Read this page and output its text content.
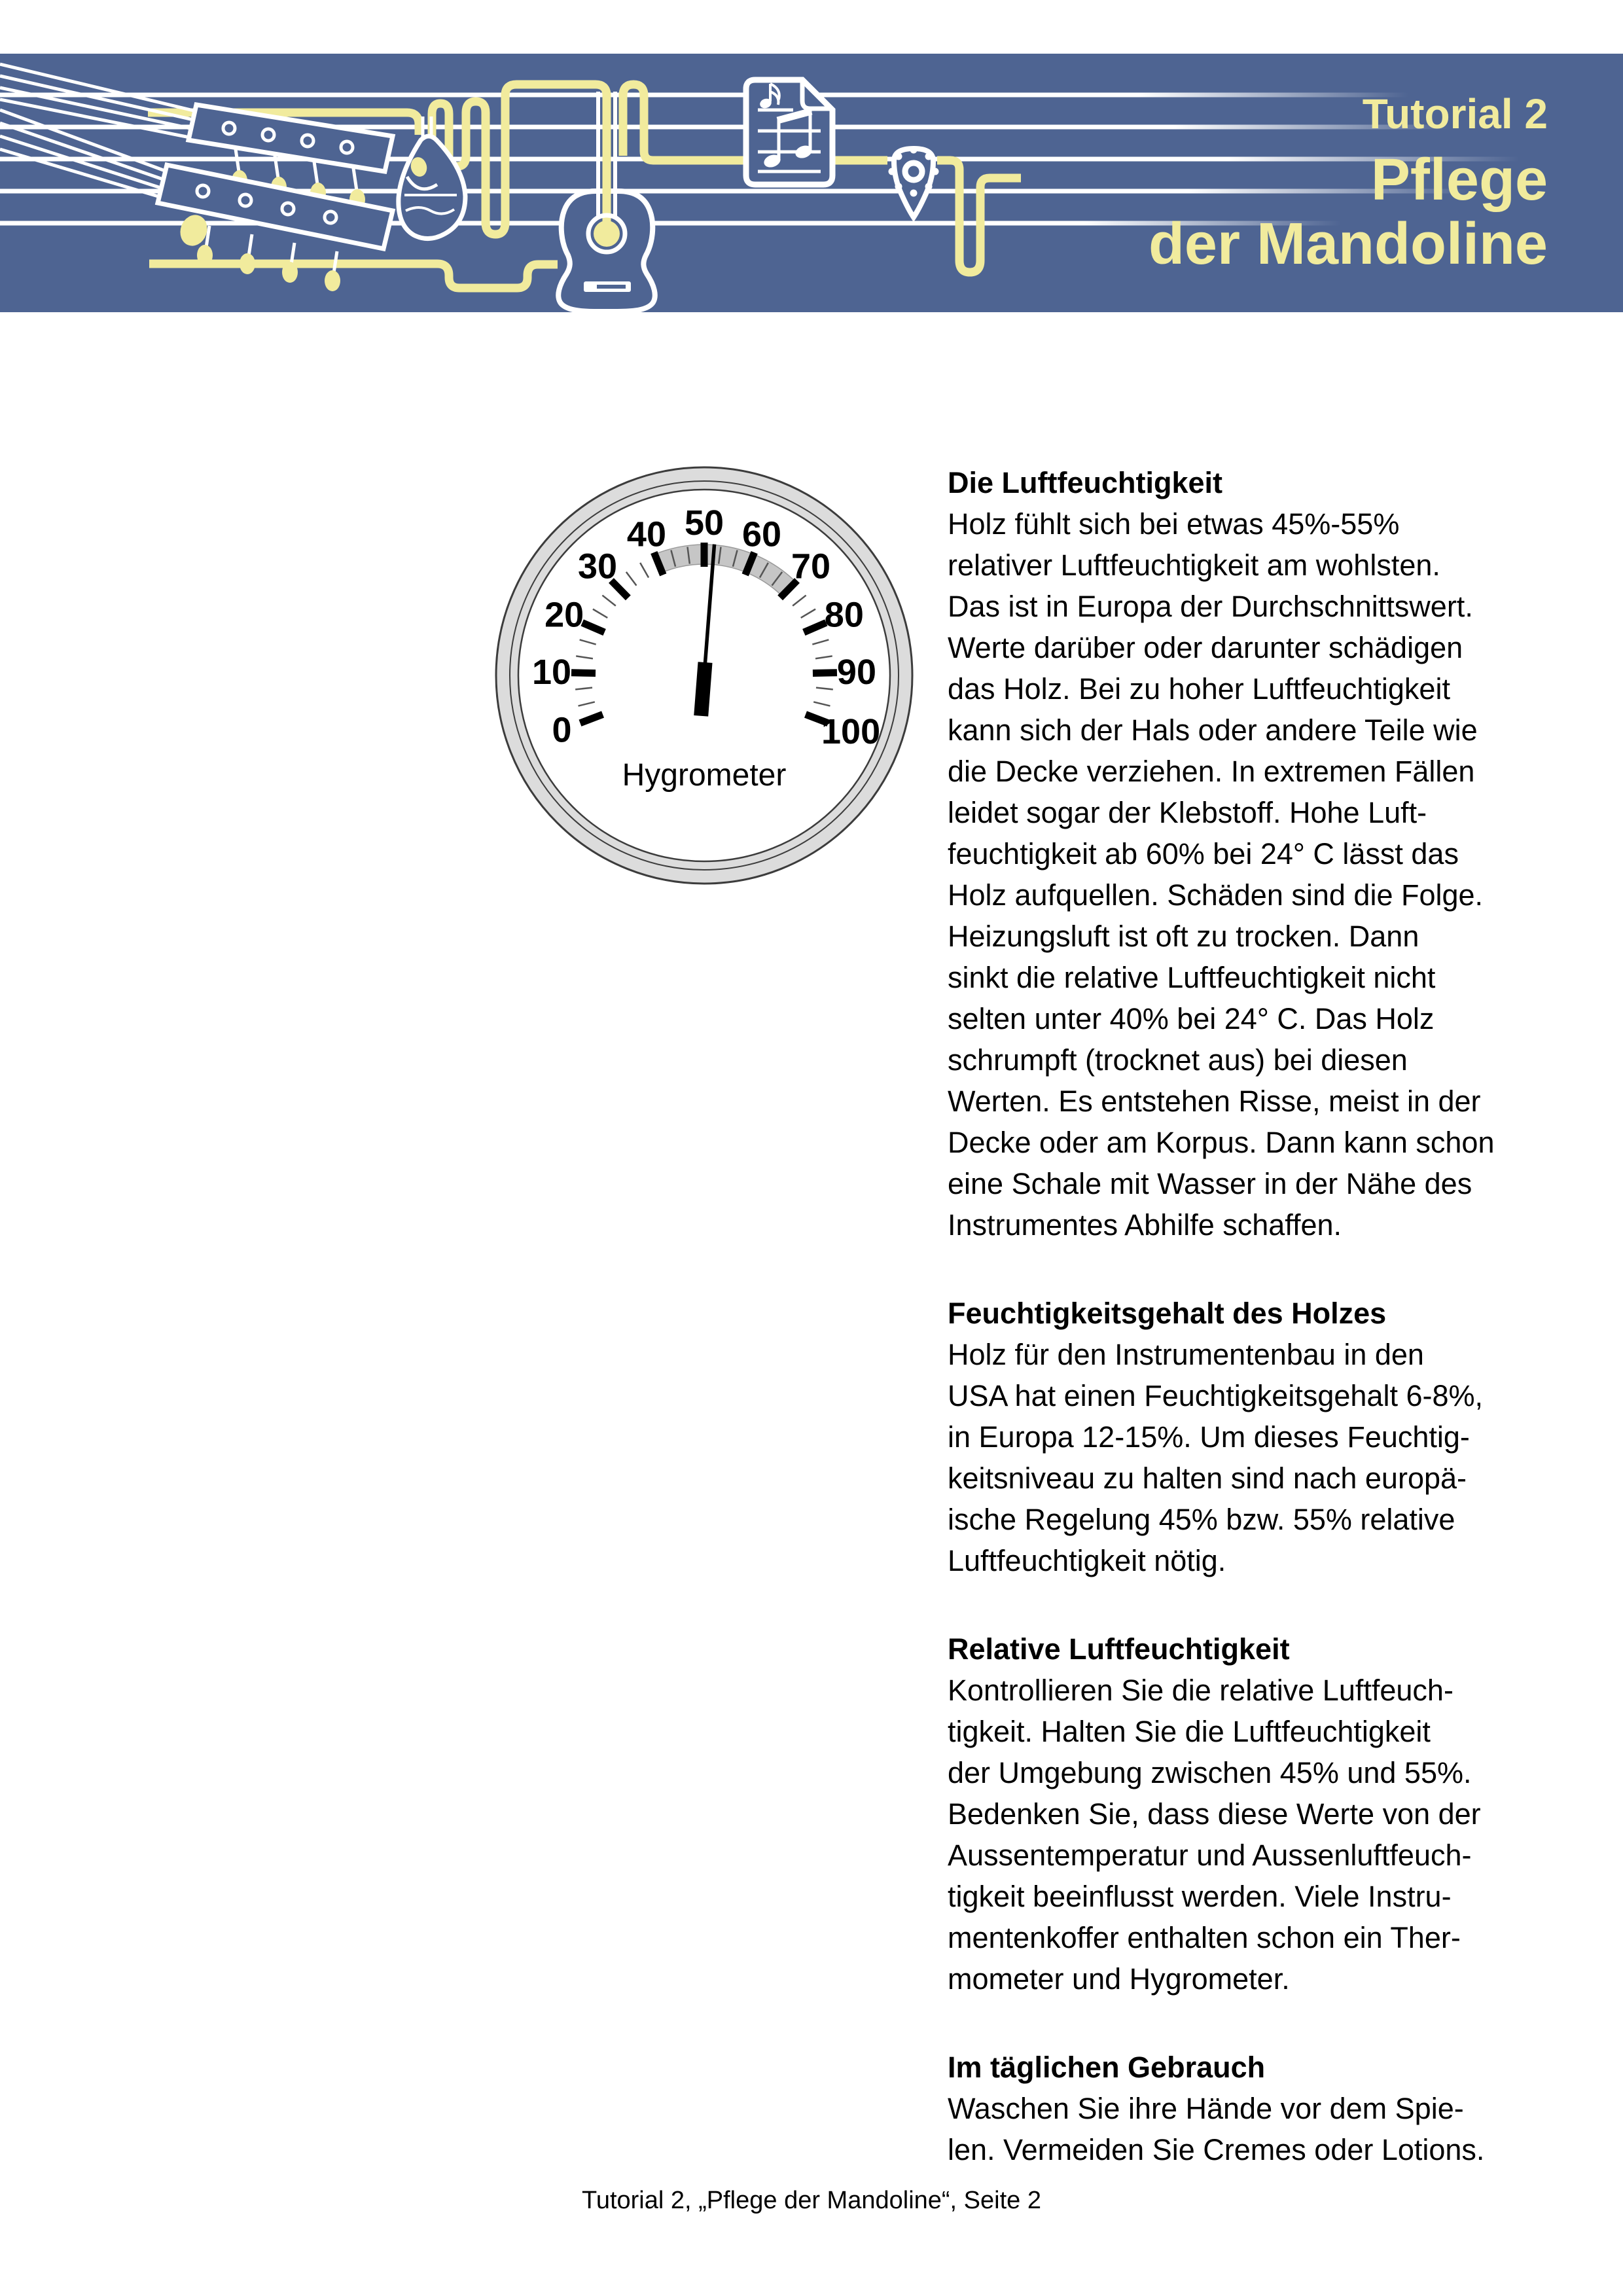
Tutorial 2
Pflege
der Mandoline
0
10
20
30
40 50 60
70
80
90
100
Hygrometer
Die Luftfeuchtigkeit
Holz fühlt sich bei etwas 45%-55%
relativer Luftfeuchtigkeit am wohlsten.
Das ist in Europa der Durchschnittswert.
Werte darüber oder darunter schädigen
das Holz. Bei zu hoher Luftfeuchtigkeit
kann sich der Hals oder andere Teile wie
die Decke verziehen. In extremen Fällen
leidet sogar der Klebstoff. Hohe Luft-
feuchtigkeit ab 60% bei 24° C lässt das
Holz aufquellen. Schäden sind die Folge.
Heizungsluft ist oft zu trocken. Dann
sinkt die relative Luftfeuchtigkeit nicht
selten unter 40% bei 24° C. Das Holz
schrumpft (trocknet aus) bei diesen
Werten. Es entstehen Risse, meist in der
Decke oder am Korpus. Dann kann schon
eine Schale mit Wasser in der Nähe des
Instrumentes Abhilfe schaffen.
Feuchtigkeitsgehalt des Holzes
Holz für den Instrumentenbau in den
USA hat einen Feuchtigkeitsgehalt 6-8%,
in Europa 12-15%. Um dieses Feuchtig-
keitsniveau zu halten sind nach europä-
ische Regelung 45% bzw. 55% relative
Luftfeuchtigkeit nötig.
Relative Luftfeuchtigkeit
Kontrollieren Sie die relative Luftfeuch-
tigkeit. Halten Sie die Luftfeuchtigkeit
der Umgebung zwischen 45% und 55%.
Bedenken Sie, dass diese Werte von der
Aussentemperatur und Aussenluftfeuch-
tigkeit beeinflusst werden. Viele Instru-
mentenkoffer enthalten schon ein Ther-
mometer und Hygrometer.
Im täglichen Gebrauch
Waschen Sie ihre Hände vor dem Spie-
len. Vermeiden Sie Cremes oder Lotions.
Tutorial 2, „Pflege der Mandoline“, Seite 2
